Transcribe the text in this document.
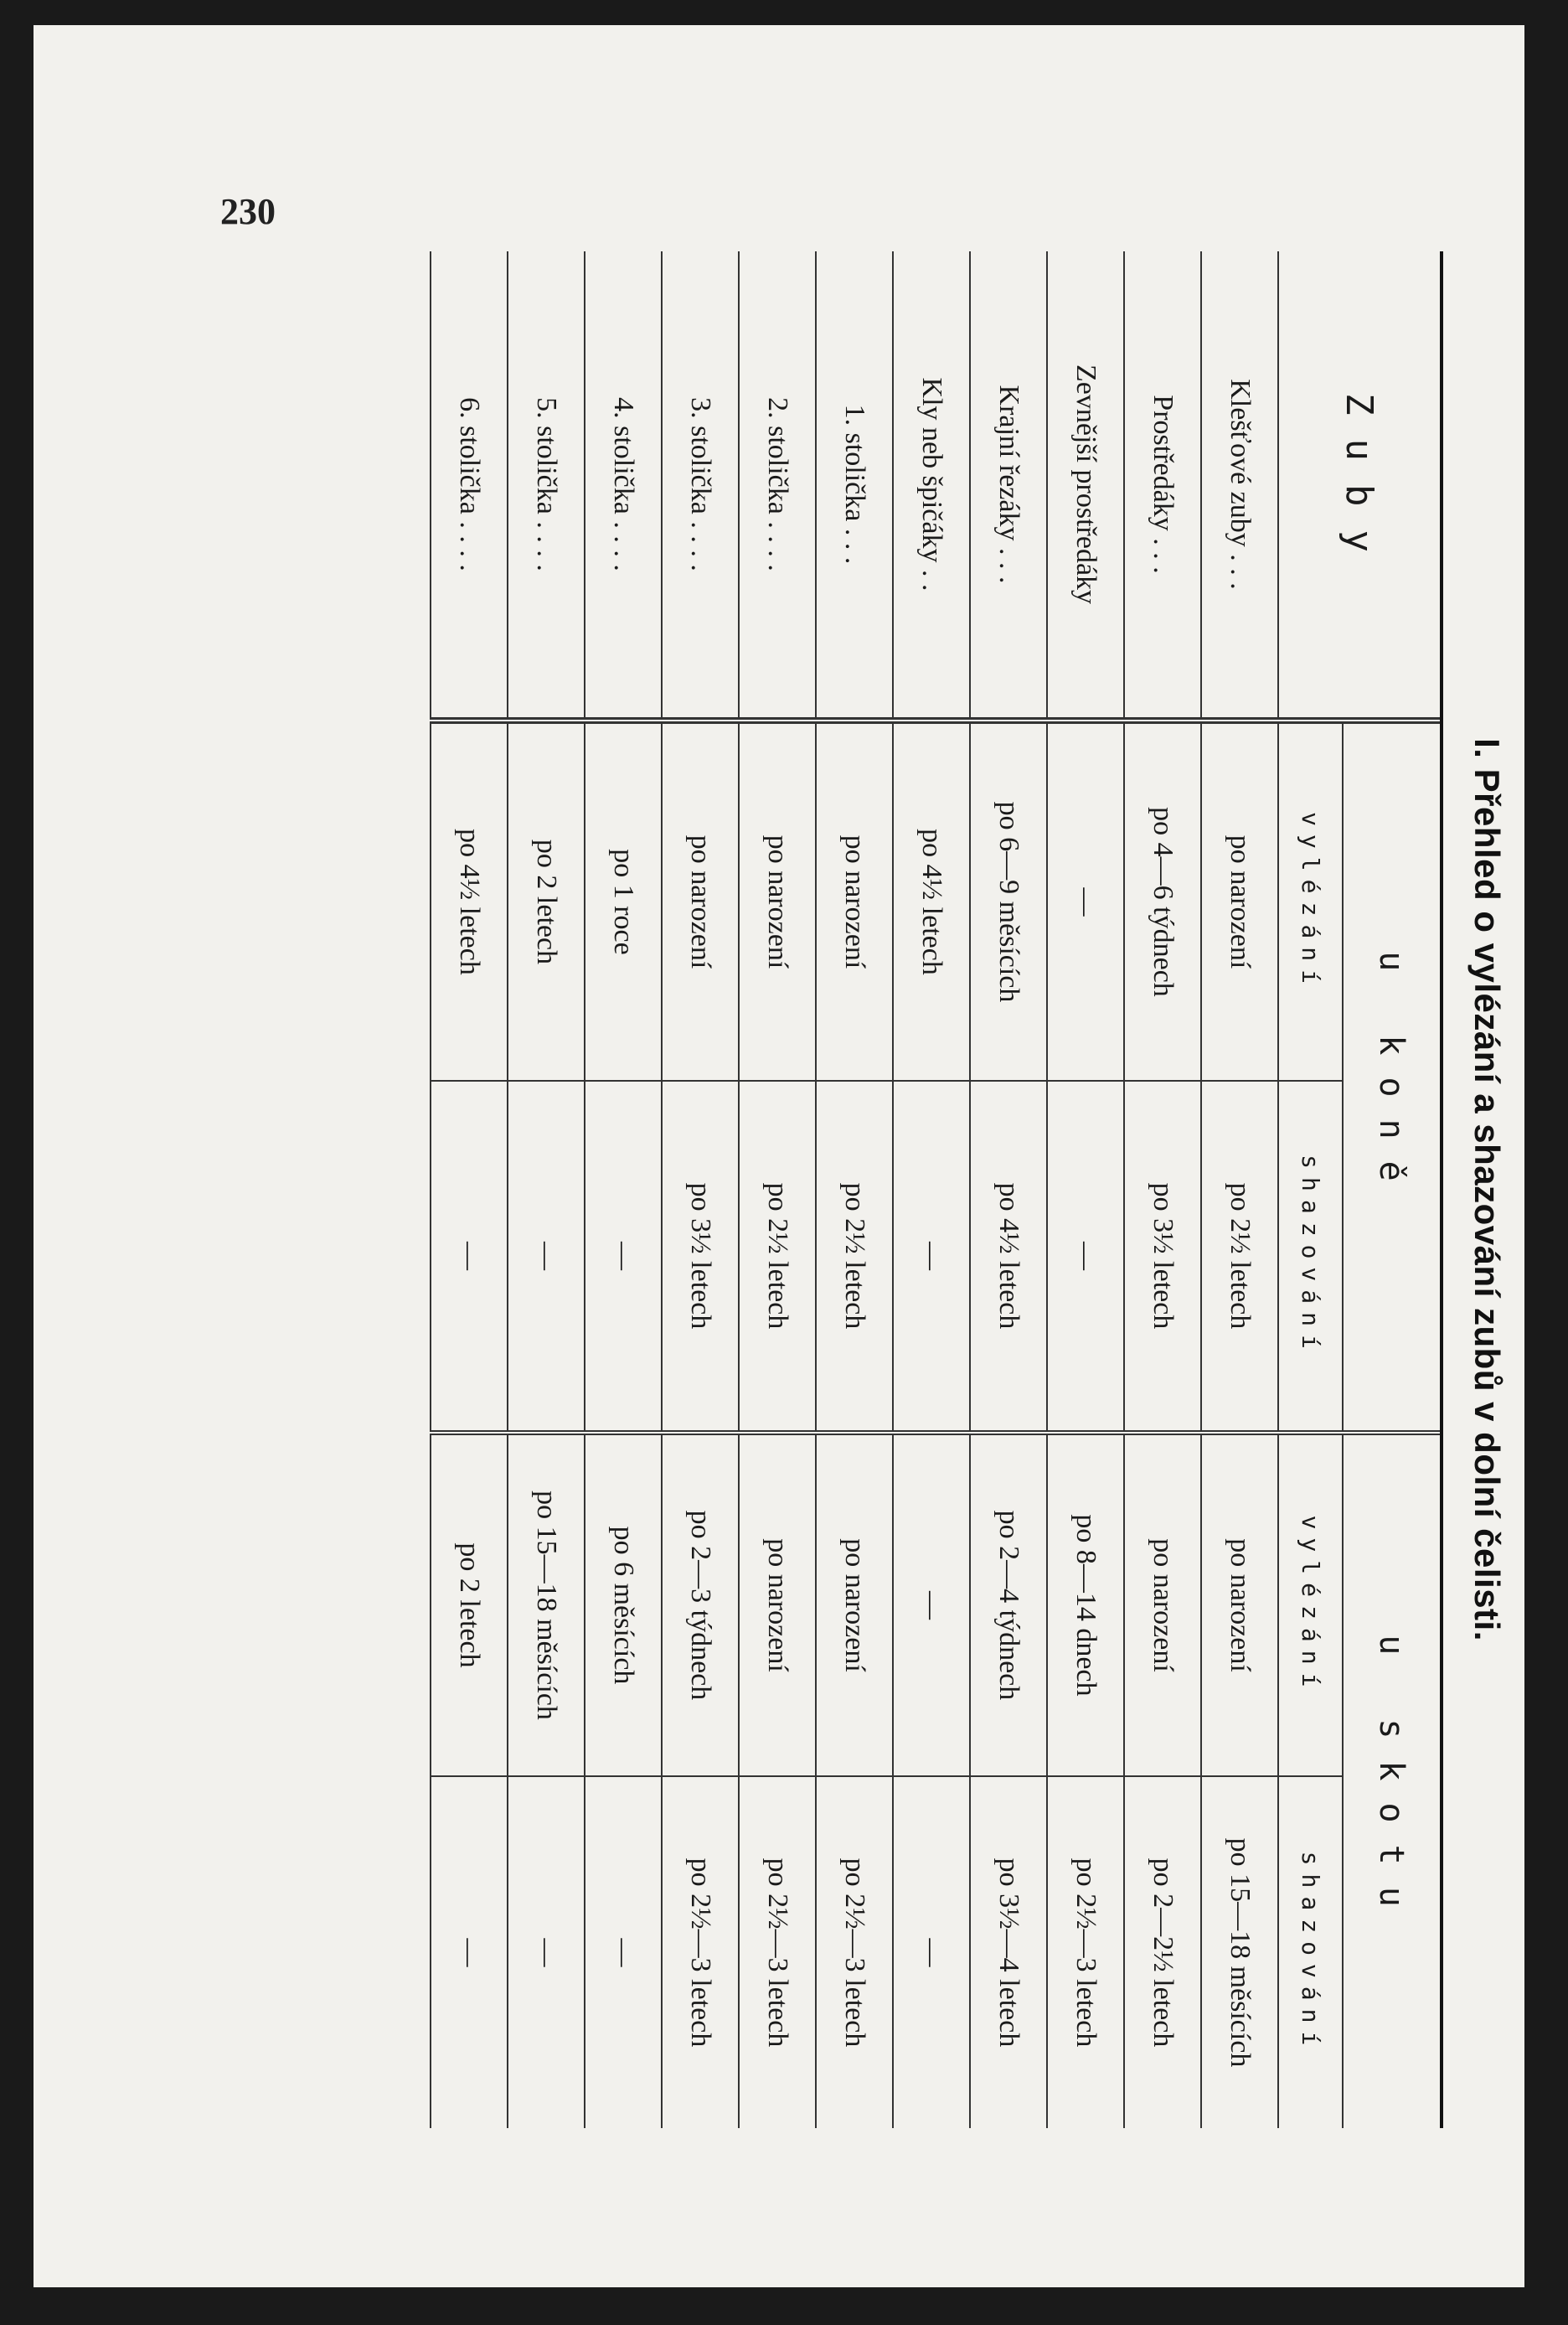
230
I. Přehled o vylézání a shazování zubů v dolní čelisti.
Zuby	u koně		u skotu	
	vylézání	shazování	vylézání	shazování
Klešťové zuby . . .	po narození	po 2½ letech	po narození	po 15—18 měsících
Prostředáky . . .	po 4—6 týdnech	po 3½ letech	po narození	po 2—2½ letech
Zevnější prostředáky	—	—	po 8—14 dnech	po 2½—3 letech
Krajní řezáky . . .	po 6—9 měsících	po 4½ letech	po 2—4 týdnech	po 3½—4 letech
Kly neb špičáky . .	po 4½ letech	—	—	—
1. stolička . . .	po narození	po 2½ letech	po narození	po 2½—3 letech
2. stolička . . . .	po narození	po 2½ letech	po narození	po 2½—3 letech
3. stolička . . . .	po narození	po 3½ letech	po 2—3 týdnech	po 2½—3 letech
4. stolička . . . .	po 1 roce	—	po 6 měsících	—
5. stolička . . . .	po 2 letech	—	po 15—18 měsících	—
6. stolička . . . .	po 4½ letech	—	po 2 letech	—
